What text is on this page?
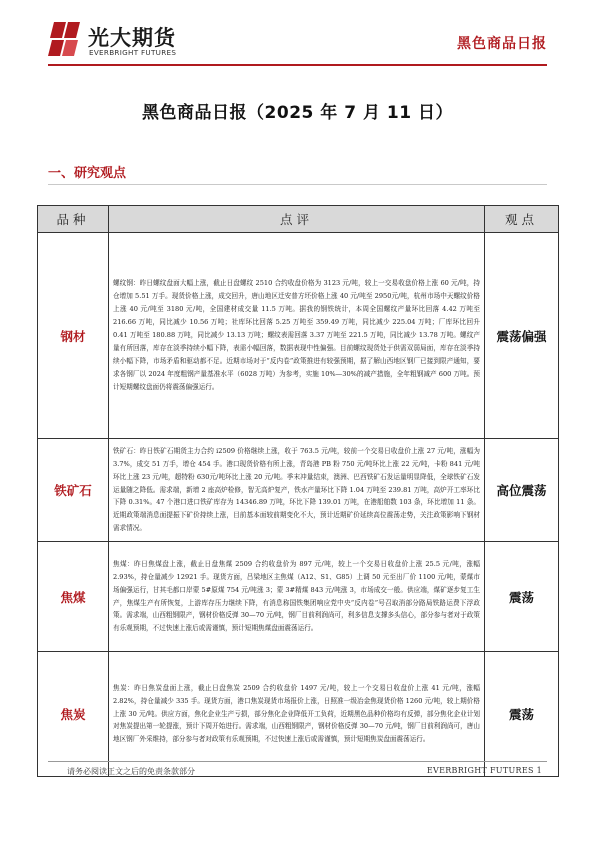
光大期货
EVERBRIGHT FUTURES
黑色商品日报
黑色商品日报（2025 年 7 月 11 日）
一、研究观点
品种	点评	观点
钢材	螺纹钢：昨日螺纹盘面大幅上涨，截止日盘螺纹 2510 合约收盘价格为 3123 元/吨，较上一交易收盘价格上涨 60 元/吨，持仓增加 5.51 万手。现货价格上涨，成交回升，唐山地区迁安普方坯价格上涨 40 元/吨至 2950元/吨，杭州市场中天螺纹价格上涨 40 元/吨至 3180 元/吨，全国建材成交量 11.5 万吨。据我的钢铁统计，本周全国螺纹产量环比回落 4.42 万吨至 216.66 万吨，同比减少 10.56 万吨；社库环比回落 5.25 万吨至 359.49 万吨，同比减少 225.04 万吨；厂库环比回升 0.41 万吨至 180.88 万吨，同比减少 13.13 万吨；螺纹表需回落 3.37 万吨至 221.5 万吨，同比减少 13.78 万吨。螺纹产量有所回落，库存在淡季持续小幅下降，表需小幅回落，数据表现中性偏强。目前螺纹现货处于供需双弱局面，库存在淡季持续小幅下降，市场矛盾和驱动都不足。近期市场对于“反内卷”政策推进有较强预期，据了解山西地区钢厂已接到限产通知，要求各钢厂以 2024 年度粗钢产量基准水平（6028 万吨）为参考，实施 10%—30%的减产措施，全年粗钢减产 600 万吨。预计短期螺纹盘面仍将震荡偏强运行。	震荡偏强
铁矿石	铁矿石：昨日铁矿石期货主力合约 i2509 价格继续上涨，收于 763.5 元/吨，较前一个交易日收盘价上涨 27 元/吨，涨幅为 3.7%，成交 51 万手，增仓 454 手。港口现货价格有所上涨，青岛港 PB 粉 750 元/吨环比上涨 22 元/吨，卡粉 841 元/吨环比上涨 23 元/吨，超特粉 630元/吨环比上涨 20 元/吨。季末冲量结束，澳洲、巴西铁矿石发运量明显降低，全球铁矿石发运量随之降低。需求端，新增 2 座高炉检修，智无高炉复产，铁水产量环比下降 1.04 万吨至 239.81 万吨，高炉开工率环比下降 0.31%。47 个港口进口铁矿库存为 14346.89 万吨，环比下降 139.01 万吨，在港船舶数 103 条，环比增加 11 条。近期政策端消息面提振下矿价持续上涨，目前基本面较前期变化不大，预计近期矿价延续高位震荡走势，关注政策影响下钢材需求情况。	高位震荡
焦煤	焦煤：昨日焦煤盘上涨，截止日盘焦煤 2509 合约收盘价为 897 元/吨，较上一个交易日收盘价上涨 25.5 元/吨，涨幅 2.93%，持仓量减少 12921 手。现货方面，吕梁地区主焦煤（A12、S1、G85）上调 50 元至出厂价 1100 元/吨，蒙煤市场偏强运行，甘其毛都口岸蒙 5#原煤 754 元/吨涨 3；蒙 3#精煤 843 元/吨涨 3，市场成交一般。供应端，煤矿逐步复工生产，焦煤生产有所恢复，上游库存压力继续下降，有消息称国铁集团响应党中央“反内卷”号召取消部分路局铁路运费下浮政策。需求端，山西粗钢限产，钢材价格反弹 30—70 元/吨，钢厂目前利润尚可，利多信息支撑多头信心，部分参与者对于政策有乐观预期，不过快速上涨后或需谨慎，预计短期焦煤盘面震荡运行。	震荡
焦炭	焦炭：昨日焦炭盘面上涨，截止日盘焦炭 2509 合约收盘价 1497 元/吨，较上一个交易日收盘价上涨 41 元/吨，涨幅 2.82%，持仓量减少 335 手。现货方面，港口焦炭现货市场报价上涨，日照准一级冶金焦现货价格 1260 元/吨，较上期价格上涨 30 元/吨。供应方面，焦化企业生产亏损，部分焦化企业降低开工负荷，近期黑色品种价格均有反弹，部分焦化企业计划对焦炭提出第一轮提涨，预计下周开始进行。需求端，山西粗钢限产，钢材价格反弹 30—70 元/吨，钢厂目前利润尚可，唐山地区钢厂外采维持，部分参与者对政策有乐观预期，不过快速上涨后或需谨慎，预计短期焦炭盘面震荡运行。	震荡
请务必阅读正文之后的免责条款部分	EVERBRIGHT FUTURES 1
